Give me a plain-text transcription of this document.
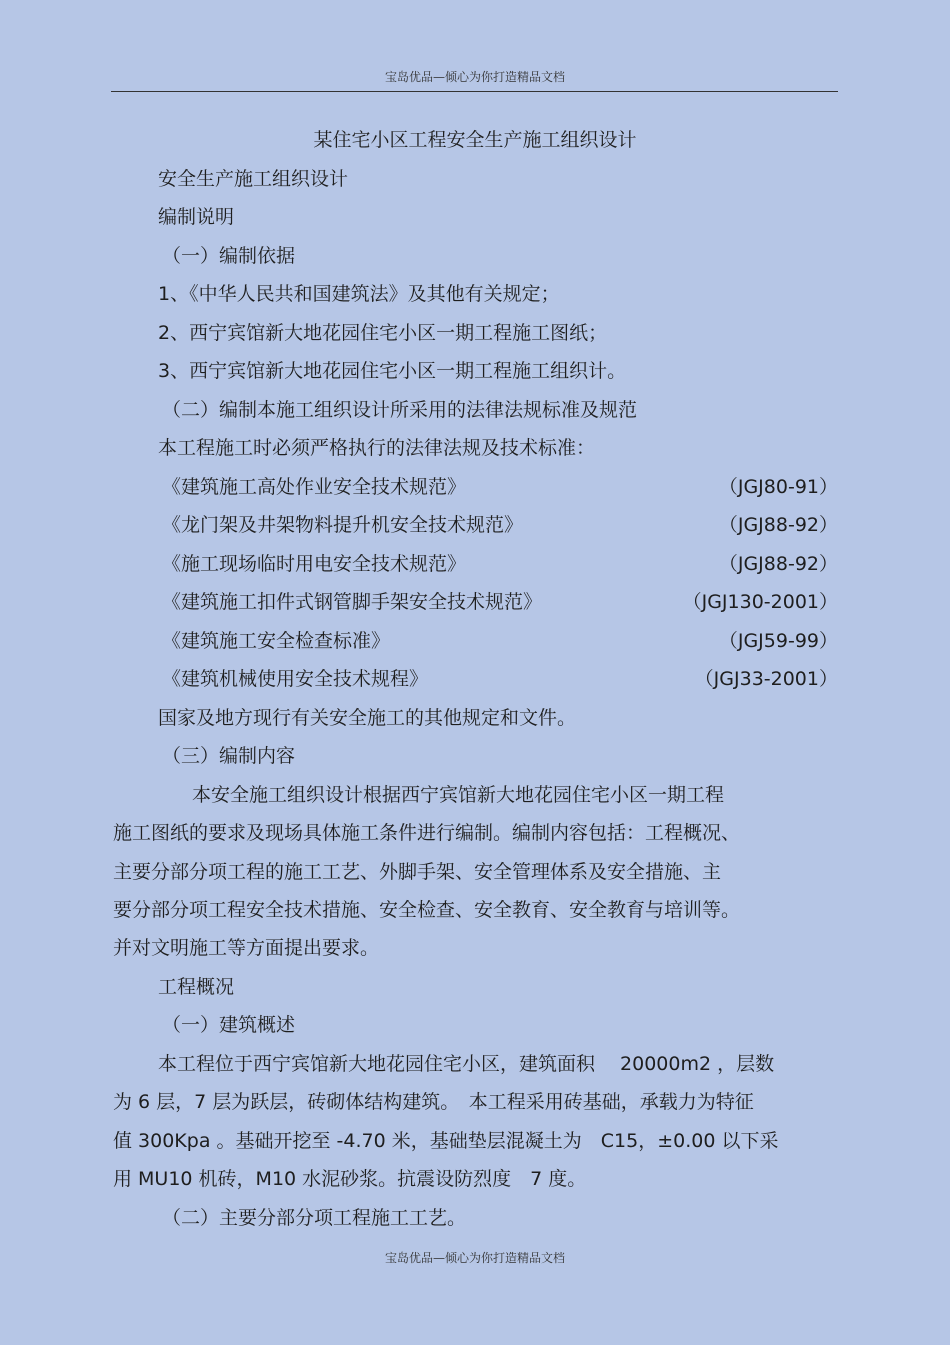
宝岛优品—倾心为你打造精品文档
某住宅小区工程安全生产施工组织设计
安全生产施工组织设计
编制说明
（一）编制依据
1、《中华人民共和国建筑法》及其他有关规定；
2、西宁宾馆新大地花园住宅小区一期工程施工图纸；
3、西宁宾馆新大地花园住宅小区一期工程施工组织计。
（二）编制本施工组织设计所采用的法律法规标准及规范
本工程施工时必须严格执行的法律法规及技术标准：
《建筑施工高处作业安全技术规范》	（JGJ80-91）
《龙门架及井架物料提升机安全技术规范》	（JGJ88-92）
《施工现场临时用电安全技术规范》	（JGJ88-92）
《建筑施工扣件式钢管脚手架安全技术规范》	（JGJ130-2001）
《建筑施工安全检查标准》	（JGJ59-99）
《建筑机械使用安全技术规程》	（JGJ33-2001）
国家及地方现行有关安全施工的其他规定和文件。
（三）编制内容
本安全施工组织设计根据西宁宾馆新大地花园住宅小区一期工程
施工图纸的要求及现场具体施工条件进行编制。编制内容包括：工程概况、
主要分部分项工程的施工工艺、外脚手架、安全管理体系及安全措施、主
要分部分项工程安全技术措施、安全检查、安全教育、安全教育与培训等。
并对文明施工等方面提出要求。
工程概况
（一）建筑概述
本工程位于西宁宾馆新大地花园住宅小区，建筑面积　 20000m2 ，层数
为 6 层，7 层为跃层，砖砌体结构建筑。　本工程采用砖基础，承载力为特征
值 300Kpa 。基础开挖至 -4.70 米，基础垫层混凝土为　C15，±0.00 以下采
用 MU10 机砖，M10 水泥砂浆。抗震设防烈度　7 度。
（二）主要分部分项工程施工工艺。
宝岛优品—倾心为你打造精品文档
